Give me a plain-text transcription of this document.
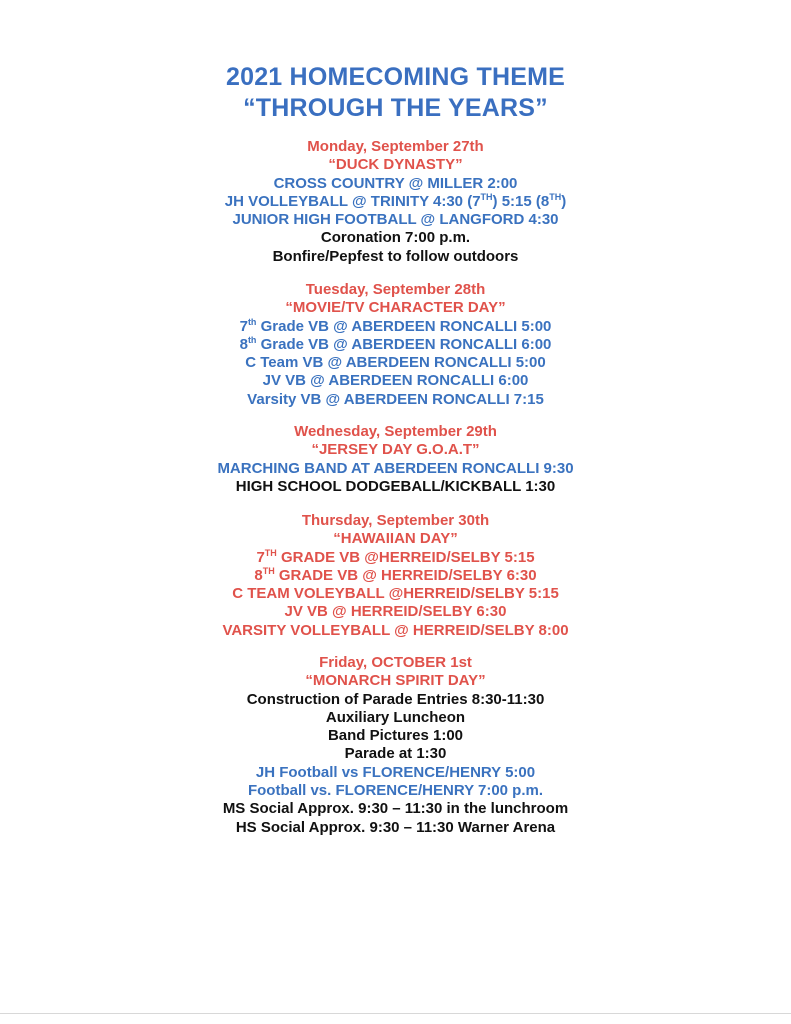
2021 HOMECOMING THEME
“THROUGH THE YEARS”
Monday, September 27th
“DUCK DYNASTY”
CROSS COUNTRY @ MILLER 2:00
JH VOLLEYBALL @ TRINITY 4:30 (7TH) 5:15 (8TH)
JUNIOR HIGH FOOTBALL @ LANGFORD 4:30
Coronation 7:00 p.m.
Bonfire/Pepfest to follow outdoors
Tuesday, September 28th
“MOVIE/TV CHARACTER DAY”
7th Grade VB @ ABERDEEN RONCALLI 5:00
8th Grade VB @ ABERDEEN RONCALLI 6:00
C Team VB @ ABERDEEN RONCALLI 5:00
JV VB @ ABERDEEN RONCALLI 6:00
Varsity VB @ ABERDEEN RONCALLI 7:15
Wednesday, September 29th
“JERSEY DAY G.O.A.T”
MARCHING BAND AT ABERDEEN RONCALLI 9:30
HIGH SCHOOL DODGEBALL/KICKBALL 1:30
Thursday, September 30th
“HAWAIIAN DAY”
7TH GRADE VB @HERREID/SELBY 5:15
8TH GRADE VB @ HERREID/SELBY 6:30
C TEAM VOLEYBALL @HERREID/SELBY 5:15
JV VB @ HERREID/SELBY 6:30
VARSITY VOLLEYBALL @ HERREID/SELBY 8:00
Friday, OCTOBER 1st
“MONARCH SPIRIT DAY”
Construction of Parade Entries 8:30-11:30
Auxiliary Luncheon
Band Pictures 1:00
Parade at 1:30
JH Football vs FLORENCE/HENRY 5:00
Football vs. FLORENCE/HENRY 7:00 p.m.
MS Social Approx. 9:30 – 11:30 in the lunchroom
HS Social Approx. 9:30 – 11:30 Warner Arena
